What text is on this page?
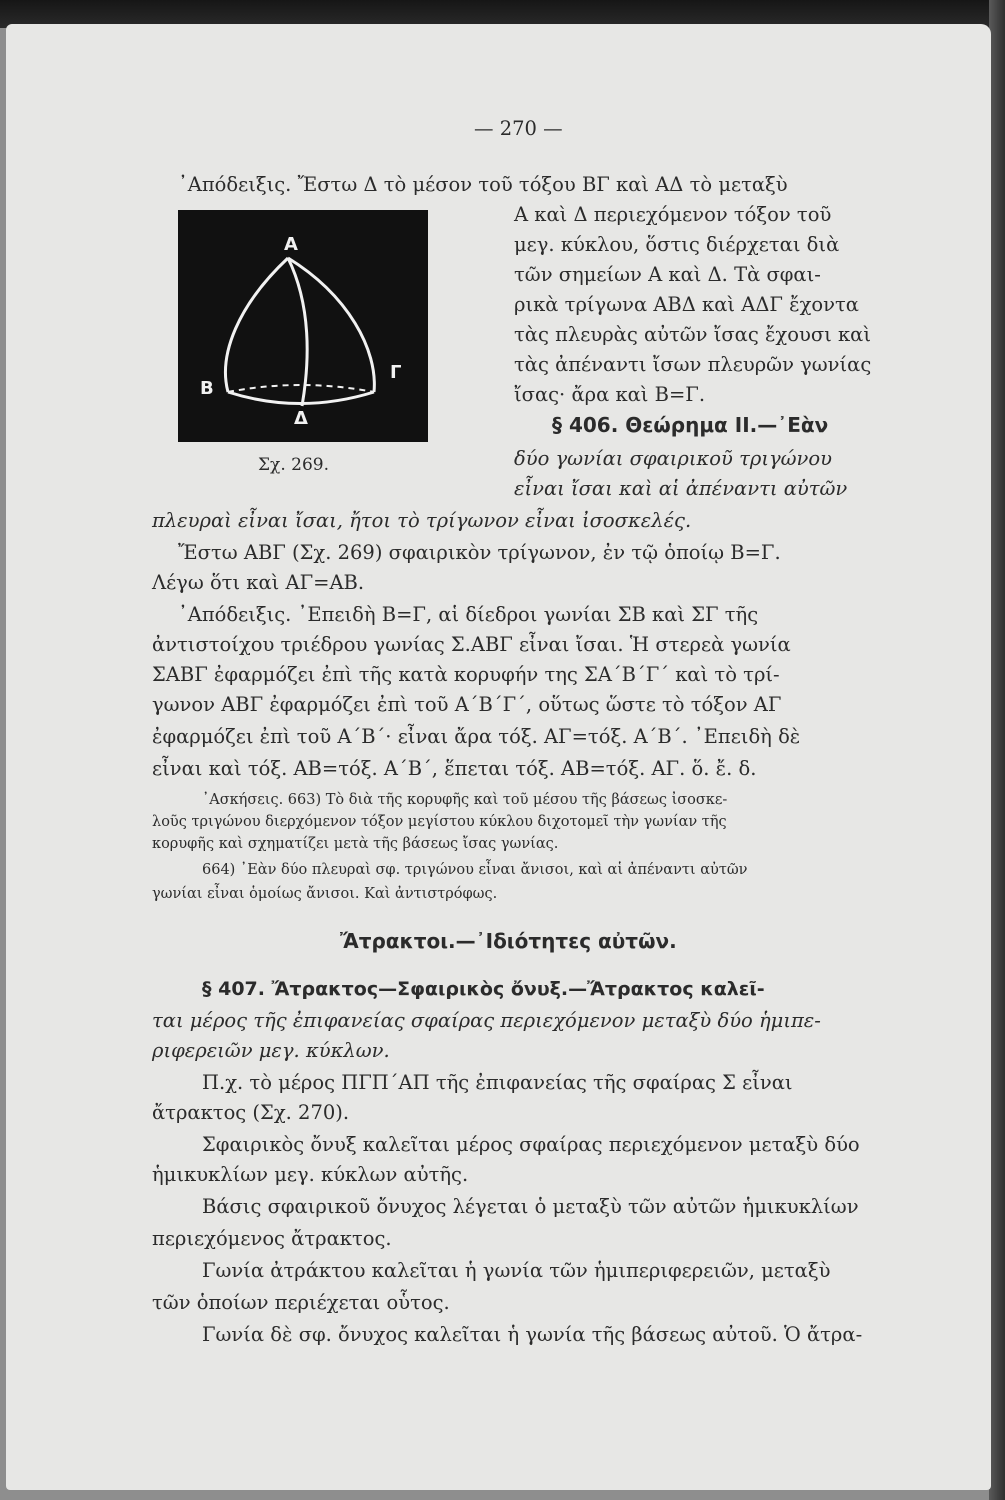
— 270 —
᾿Απόδειξις. Ἔστω Δ τὸ μέσον τοῦ τόξου ΒΓ καὶ ΑΔ τὸ μεταξὺ
A
B
Γ
Δ
Α καὶ Δ περιεχόμενον τόξον τοῦ
μεγ. κύκλου, ὅστις διέρχεται διὰ
τῶν σημείων Α καὶ Δ. Τὰ σφαι-
ρικὰ τρίγωνα ΑΒΔ καὶ ΑΔΓ ἔχοντα
τὰς πλευρὰς αὐτῶν ἴσας ἔχουσι καὶ
τὰς ἀπέναντι ἴσων πλευρῶν γωνίας
ἴσας· ἄρα καὶ Β=Γ.
§ 406. Θεώρημα II.—᾿Εὰν
Σχ. 269.	δύο γωνίαι σφαιρικοῦ τριγώνου
εἶναι ἴσαι καὶ αἱ ἀπέναντι αὐτῶν
πλευραὶ εἶναι ἴσαι, ἤτοι τὸ τρίγωνον εἶναι ἰσοσκελές.
Ἔστω ΑΒΓ (Σχ. 269) σφαιρικὸν τρίγωνον, ἐν τῷ ὁποίῳ Β=Γ.
Λέγω ὅτι καὶ ΑΓ=ΑΒ.
᾿Απόδειξις. ᾿Επειδὴ Β=Γ, αἱ δίεδροι γωνίαι ΣΒ καὶ ΣΓ τῆς
ἀντιστοίχου τριέδρου γωνίας Σ.ΑΒΓ εἶναι ἴσαι. Ἡ στερεὰ γωνία
ΣΑΒΓ ἐφαρμόζει ἐπὶ τῆς κατὰ κορυφήν της ΣΑ΄Β΄Γ΄ καὶ τὸ τρί-
γωνον ΑΒΓ ἐφαρμόζει ἐπὶ τοῦ Α΄Β΄Γ΄, οὕτως ὥστε τὸ τόξον ΑΓ
ἐφαρμόζει ἐπὶ τοῦ Α΄Β΄· εἶναι ἄρα τόξ. ΑΓ=τόξ. Α΄Β΄. ᾿Επειδὴ δὲ
εἶναι καὶ τόξ. ΑΒ=τόξ. Α΄Β΄, ἕπεται τόξ. ΑΒ=τόξ. ΑΓ. ὅ. ἔ. δ.
᾿Ασκήσεις. 663) Τὸ διὰ τῆς κορυφῆς καὶ τοῦ μέσου τῆς βάσεως ἰσοσκε-
λοῦς τριγώνου διερχόμενον τόξον μεγίστου κύκλου διχοτομεῖ τὴν γωνίαν τῆς
κορυφῆς καὶ σχηματίζει μετὰ τῆς βάσεως ἴσας γωνίας.
664) ᾿Εὰν δύο πλευραὶ σφ. τριγώνου εἶναι ἄνισοι, καὶ αἱ ἀπέναντι αὐτῶν
γωνίαι εἶναι ὁμοίως ἄνισοι. Καὶ ἀντιστρόφως.
Ἄτρακτοι.—᾿Ιδιότητες αὐτῶν.
§ 407. Ἄτρακτος—Σφαιρικὸς ὄνυξ.—Ἄτρακτος καλεῖ-
ται μέρος τῆς ἐπιφανείας σφαίρας περιεχόμενον μεταξὺ δύο ἡμιπε-
ριφερειῶν μεγ. κύκλων.
Π.χ. τὸ μέρος ΠΓΠ΄ΑΠ τῆς ἐπιφανείας τῆς σφαίρας Σ εἶναι
ἄτρακτος (Σχ. 270).
Σφαιρικὸς ὄνυξ καλεῖται μέρος σφαίρας περιεχόμενον μεταξὺ δύο
ἡμικυκλίων μεγ. κύκλων αὐτῆς.
Βάσις σφαιρικοῦ ὄνυχος λέγεται ὁ μεταξὺ τῶν αὐτῶν ἡμικυκλίων
περιεχόμενος ἄτρακτος.
Γωνία ἀτράκτου καλεῖται ἡ γωνία τῶν ἡμιπεριφερειῶν, μεταξὺ
τῶν ὁποίων περιέχεται οὗτος.
Γωνία δὲ σφ. ὄνυχος καλεῖται ἡ γωνία τῆς βάσεως αὐτοῦ. Ὁ ἄτρα-
